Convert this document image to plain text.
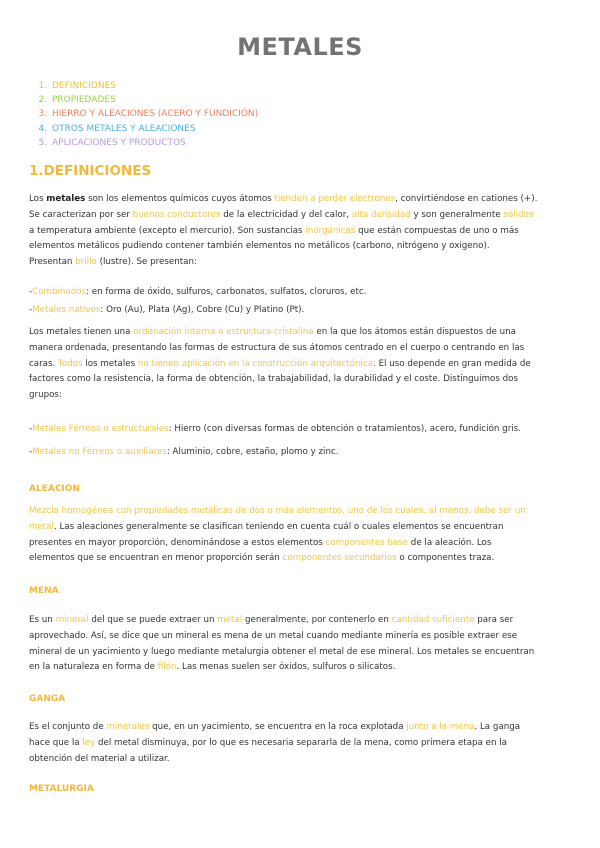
METALES
1. DEFINICIONES
2. PROPIEDADES
3. HIERRO Y ALEACIONES (ACERO Y FUNDICIÓN)
4. OTROS METALES Y ALEACIONES
5. APLICACIONES Y PRODUCTOS
1.DEFINICIONES
Los metales son los elementos químicos cuyos átomos tienden a perder electrones, convirtiéndose en cationes (+).
Se caracterizan por ser buenos conductores de la electricidad y del calor, alta densidad y son generalmente sólidos
a temperatura ambiente (excepto el mercurio). Son sustancias inorgánicas que están compuestas de uno o más
elementos metálicos pudiendo contener también elementos no metálicos (carbono, nitrógeno y oxigeno).
Presentan brillo (lustre). Se presentan:
-Combinados: en forma de óxido, sulfuros, carbonatos, sulfatos, cloruros, etc.
-Metales nativos: Oro (Au), Plata (Ag), Cobre (Cu) y Platino (Pt).
Los metales tienen una ordenación interna o estructura cristalina en la que los átomos están dispuestos de una
manera ordenada, presentando las formas de estructura de sus átomos centrado en el cuerpo o centrando en las
caras. Todos los metales no tienen aplicación en la construcción arquitectónica. El uso depende en gran medida de
factores como la resistencia, la forma de obtención, la trabajabilidad, la durabilidad y el coste. Distinguimos dos
grupos:
-Metales Férreos o estructurales: Hierro (con diversas formas de obtención o tratamientos), acero, fundición gris.
-Metales no Férreos o auxiliares: Aluminio, cobre, estaño, plomo y zinc.
ALEACIÓN
Mezcla homogénea con propiedades metálicas de dos o más elementos, uno de los cuales, al menos, debe ser un
metal. Las aleaciones generalmente se clasifican teniendo en cuenta cuál o cuales elementos se encuentran
presentes en mayor proporción, denominándose a estos elementos componentes base de la aleación. Los
elementos que se encuentran en menor proporción serán componentes secundarios o componentes traza.
MENA
Es un mineral del que se puede extraer un metal generalmente, por contenerlo en cantidad suficiente para ser
aprovechado. Así, se dice que un mineral es mena de un metal cuando mediante minería es posible extraer ese
mineral de un yacimiento y luego mediante metalurgia obtener el metal de ese mineral. Los metales se encuentran
en la naturaleza en forma de filón. Las menas suelen ser óxidos, sulfuros o silicatos.
GANGA
Es el conjunto de minerales que, en un yacimiento, se encuentra en la roca explotada junto a la mena. La ganga
hace que la ley del metal disminuya, por lo que es necesaria separarla de la mena, como primera etapa en la
obtención del material a utilizar.
METALURGIA
